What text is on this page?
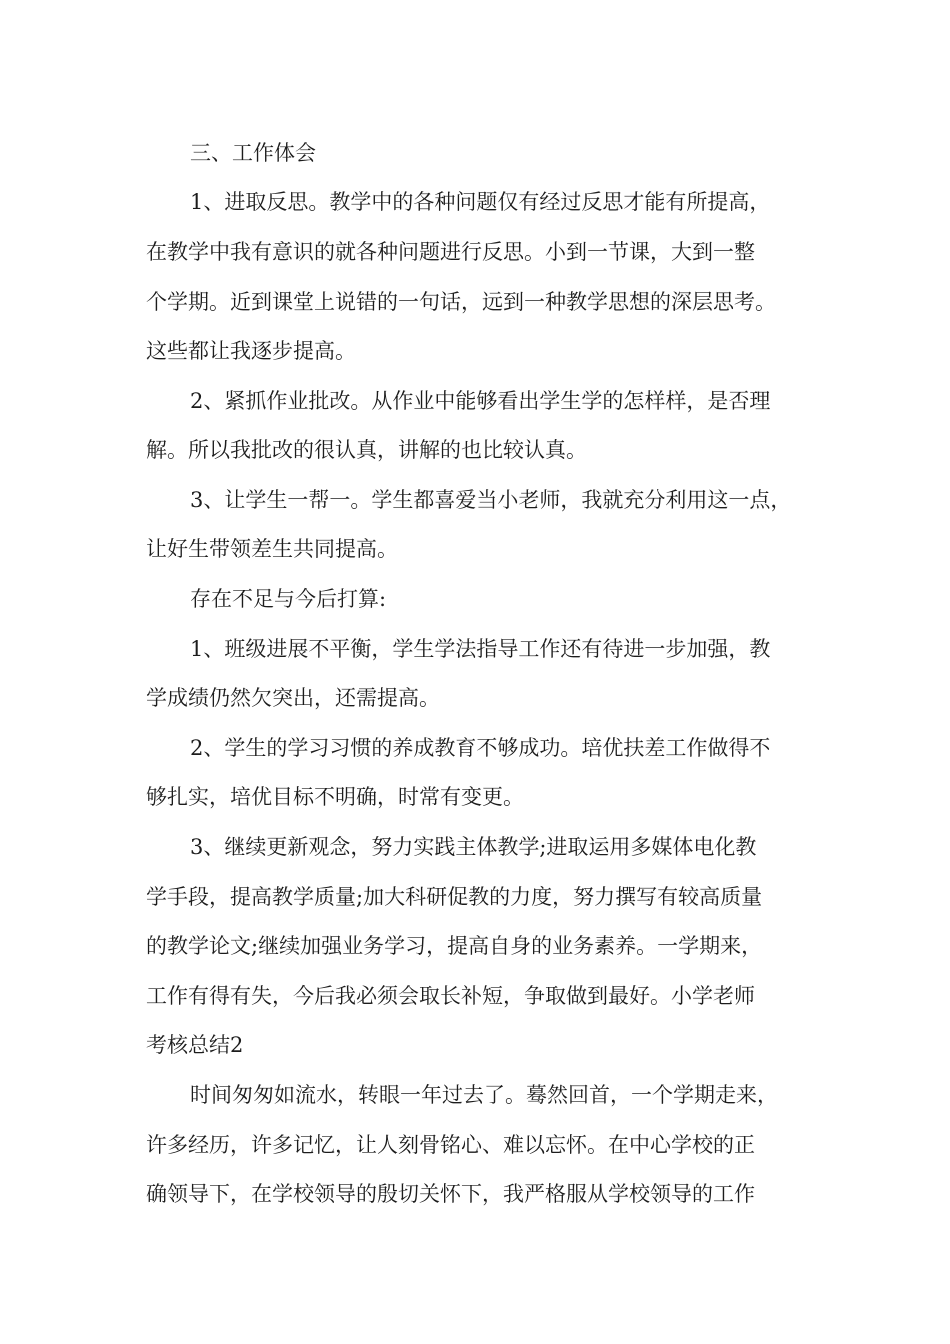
三、工作体会

1、进取反思。教学中的各种问题仅有经过反思才能有所提高，

在教学中我有意识的就各种问题进行反思。小到一节课，大到一整

个学期。近到课堂上说错的一句话，远到一种教学思想的深层思考。

这些都让我逐步提高。

2、紧抓作业批改。从作业中能够看出学生学的怎样样，是否理

解。所以我批改的很认真，讲解的也比较认真。

3、让学生一帮一。学生都喜爱当小老师，我就充分利用这一点，

让好生带领差生共同提高。

存在不足与今后打算:

1、班级进展不平衡，学生学法指导工作还有待进一步加强，教

学成绩仍然欠突出，还需提高。

2、学生的学习习惯的养成教育不够成功。培优扶差工作做得不

够扎实，培优目标不明确，时常有变更。

3、继续更新观念，努力实践主体教学;进取运用多媒体电化教

学手段，提高教学质量;加大科研促教的力度，努力撰写有较高质量

的教学论文;继续加强业务学习，提高自身的业务素养。一学期来，

工作有得有失，今后我必须会取长补短，争取做到最好。小学老师

考核总结2

时间匆匆如流水，转眼一年过去了。蓦然回首，一个学期走来，

许多经历，许多记忆，让人刻骨铭心、难以忘怀。在中心学校的正

确领导下，在学校领导的殷切关怀下，我严格服从学校领导的工作
